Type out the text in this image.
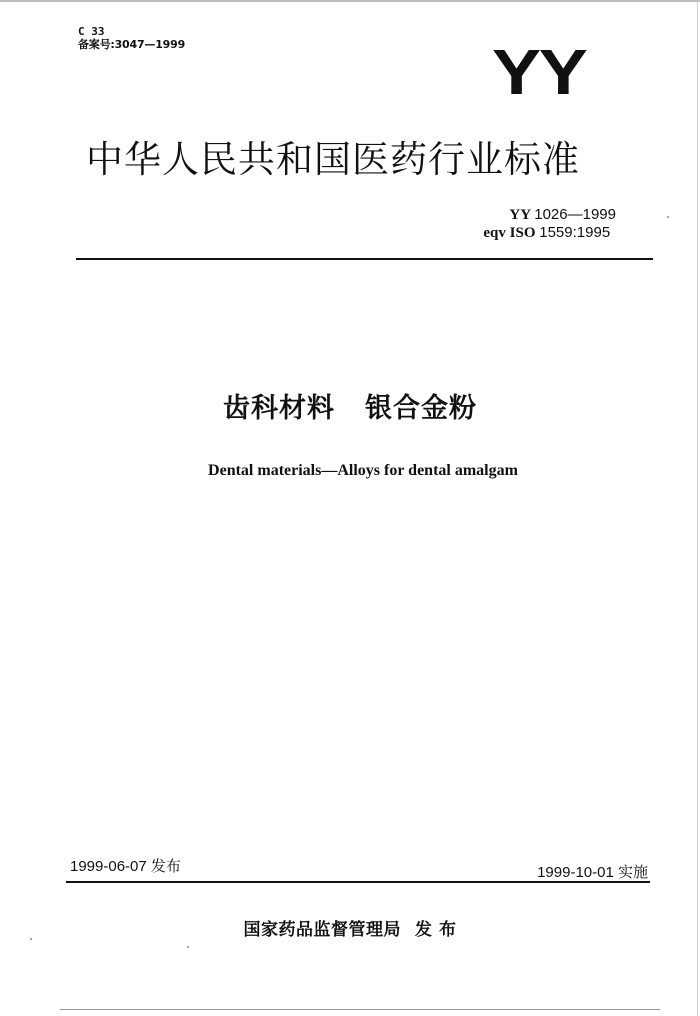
C 33
备案号:3047—1999	YY
中华人民共和国医药行业标准
YY 1026—1999
eqv ISO 1559:1995
齿科材料 银合金粉
Dental materials—Alloys for dental amalgam
1999-06-07 发布	1999-10-01 实施
国家药品监督管理局 发 布
